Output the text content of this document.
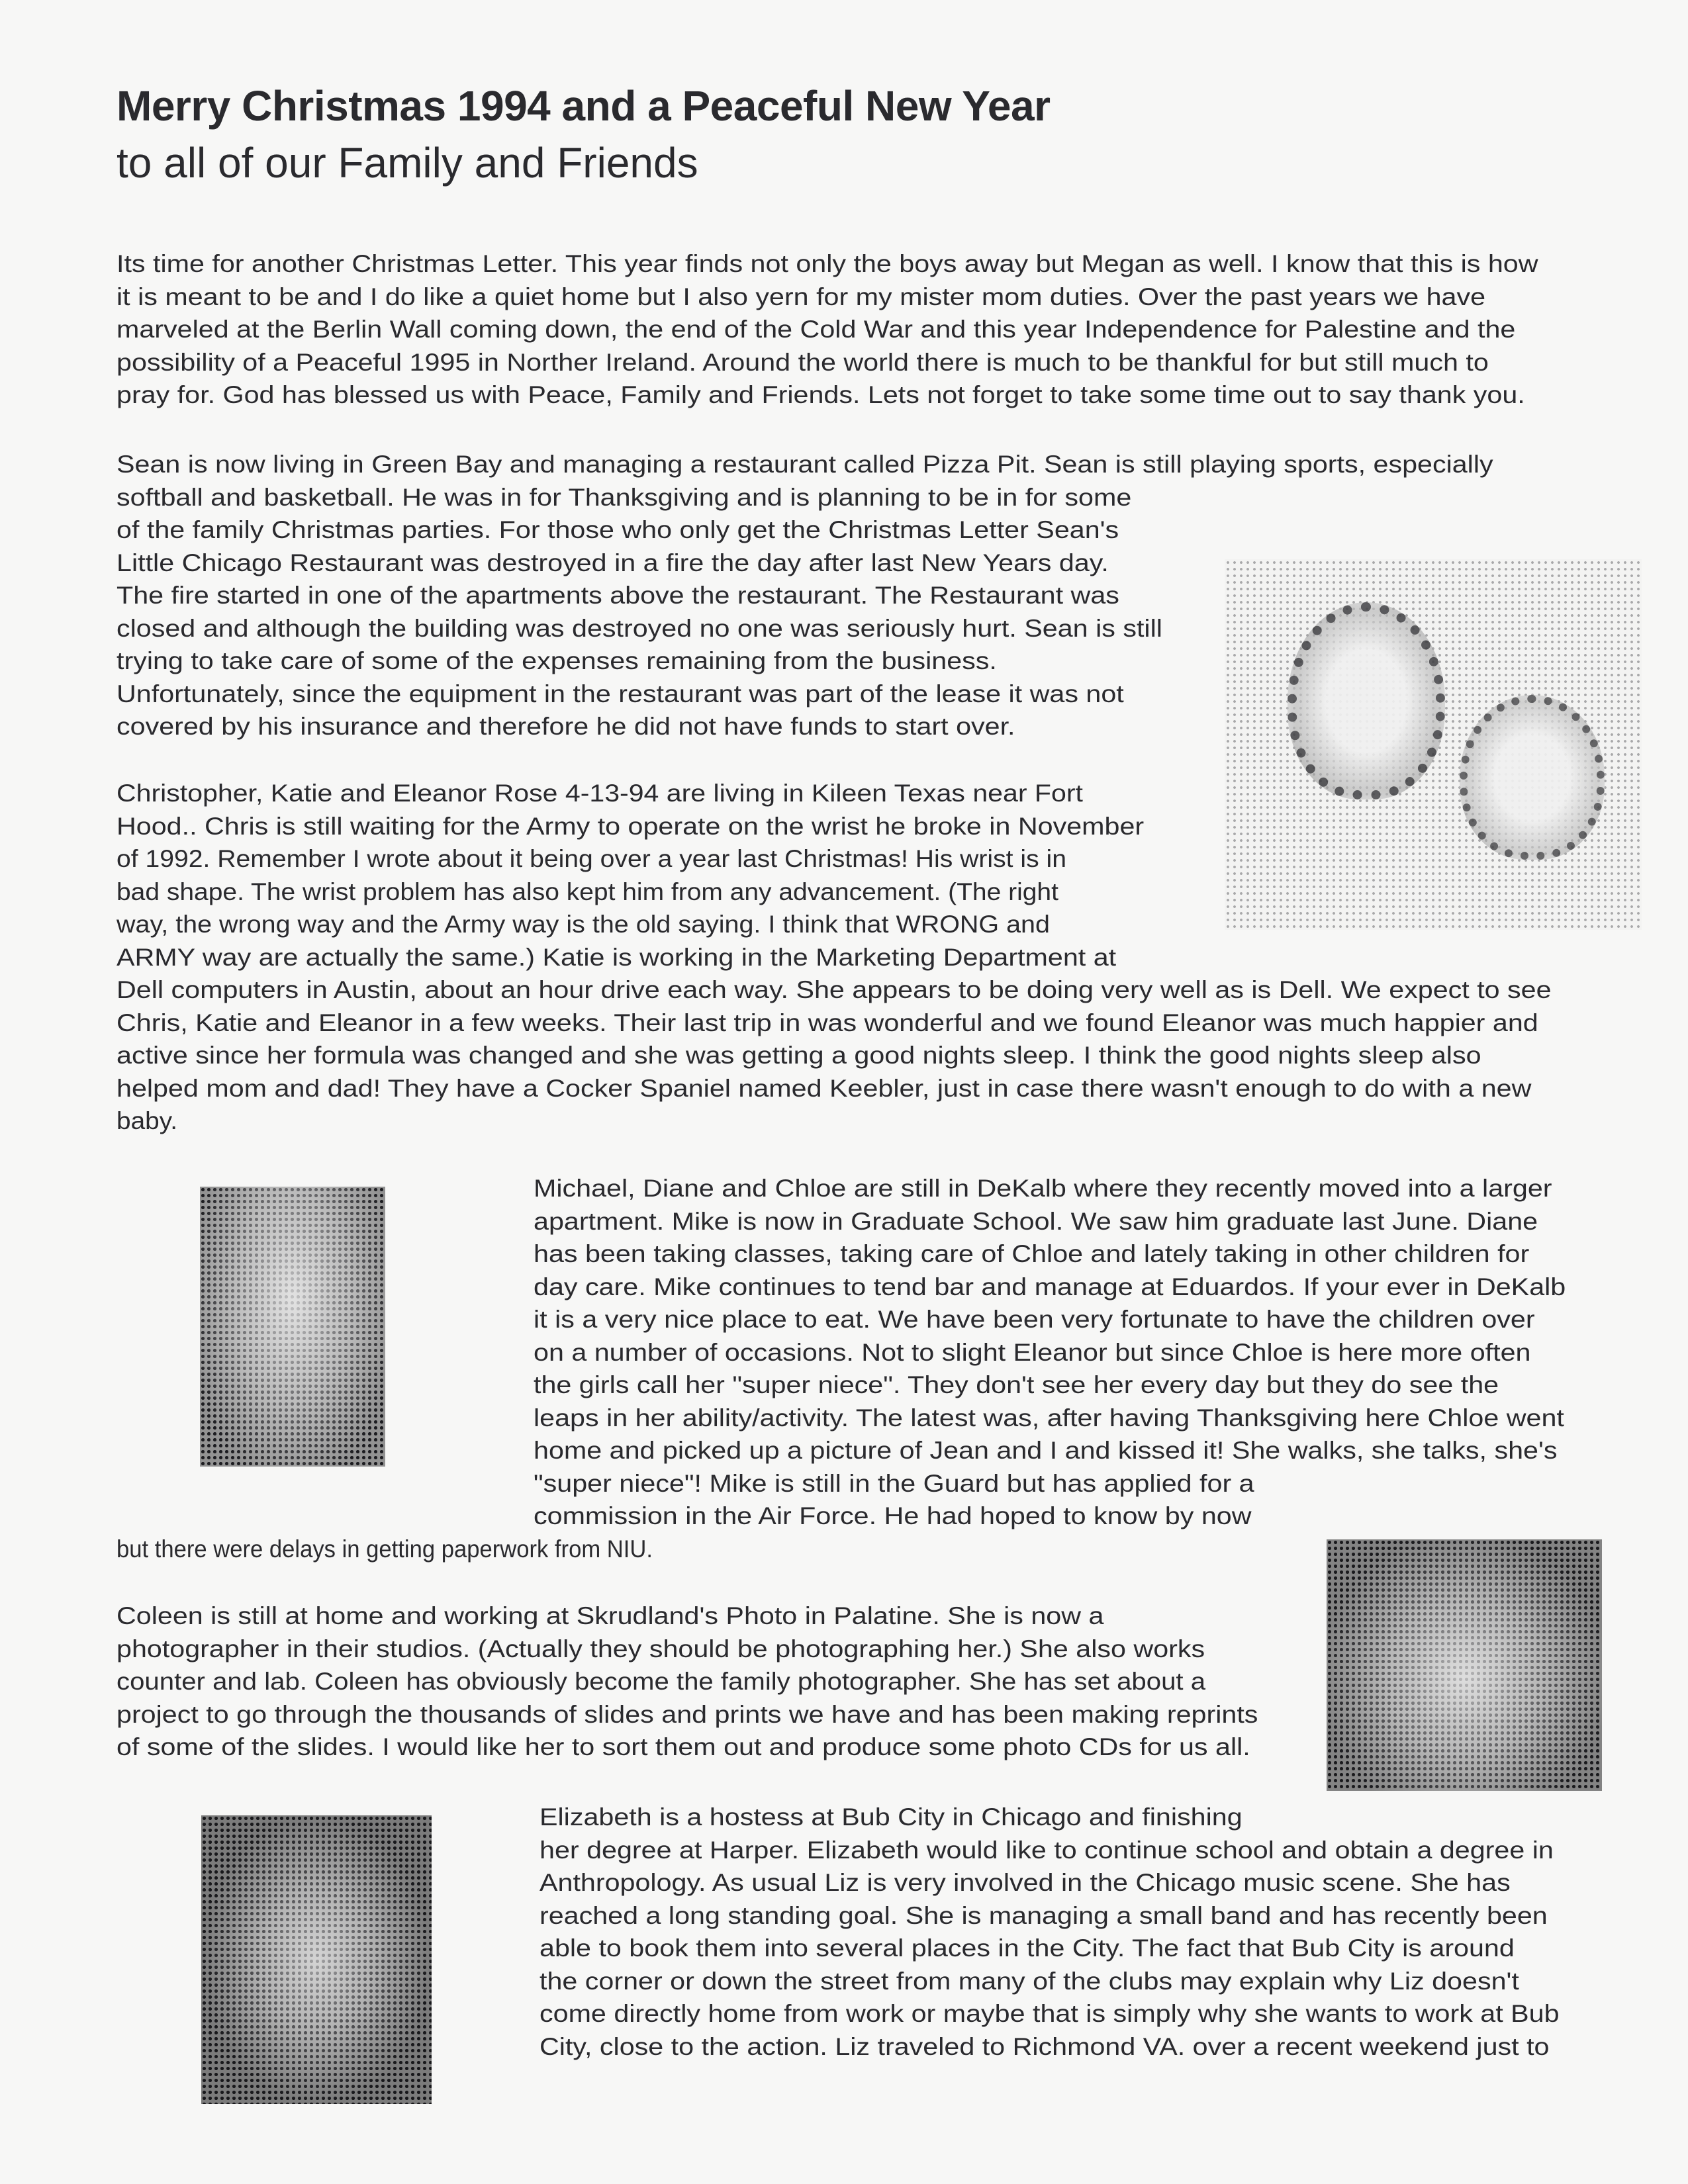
Merry Christmas 1994 and a Peaceful New Year
to all of our Family and Friends

Its time for another Christmas Letter. This year finds not only the boys away but Megan as well. I know that this is how

it is meant to be and I do like a quiet home but I also yern for my mister mom duties. Over the past years we have

marveled at the Berlin Wall coming down, the end of the Cold War and this year Independence for Palestine and the

possibility of a Peaceful 1995 in Norther Ireland. Around the world there is much to be thankful for but still much to

pray for. God has blessed us with Peace, Family and Friends. Lets not forget to take some time out to say thank you.

Sean is now living in Green Bay and managing a restaurant called Pizza Pit. Sean is still playing sports, especially

softball and basketball. He was in for Thanksgiving and is planning to be in for some

of the family Christmas parties. For those who only get the Christmas Letter Sean's

Little Chicago Restaurant was destroyed in a fire the day after last New Years day.

The fire started in one of the apartments above the restaurant. The Restaurant was

closed and although the building was destroyed no one was seriously hurt. Sean is still

trying to take care of some of the expenses remaining from the business.

Unfortunately, since the equipment in the restaurant was part of the lease it was not

covered by his insurance and therefore he did not have funds to start over.

Christopher, Katie and Eleanor Rose 4-13-94 are living in Kileen Texas near Fort

Hood.. Chris is still waiting for the Army to operate on the wrist he broke in November

of 1992. Remember I wrote about it being over a year last Christmas! His wrist is in

bad shape. The wrist problem has also kept him from any advancement. (The right

way, the wrong way and the Army way is the old saying. I think that WRONG and

ARMY way are actually the same.) Katie is working in the Marketing Department at

Dell computers in Austin, about an hour drive each way. She appears to be doing very well as is Dell. We expect to see

Chris, Katie and Eleanor in a few weeks. Their last trip in was wonderful and we found Eleanor was much happier and

active since her formula was changed and she was getting a good nights sleep. I think the good nights sleep also

helped mom and dad! They have a Cocker Spaniel named Keebler, just in case there wasn't enough to do with a new

baby.

Michael, Diane and Chloe are still in DeKalb where they recently moved into a larger

apartment. Mike is now in Graduate School. We saw him graduate last June. Diane

has been taking classes, taking care of Chloe and lately taking in other children for

day care. Mike continues to tend bar and manage at Eduardos. If your ever in DeKalb

it is a very nice place to eat. We have been very fortunate to have the children over

on a number of occasions. Not to slight Eleanor but since Chloe is here more often

the girls call her "super niece". They don't see her every day but they do see the

leaps in her ability/activity. The latest was, after having Thanksgiving here Chloe went

home and picked up a picture of Jean and I and kissed it! She walks, she talks, she's

"super niece"! Mike is still in the Guard but has applied for a

commission in the Air Force. He had hoped to know by now

but there were delays in getting paperwork from NIU.

Coleen is still at home and working at Skrudland's Photo in Palatine. She is now a

photographer in their studios. (Actually they should be photographing her.) She also works

counter and lab. Coleen has obviously become the family photographer. She has set about a

project to go through the thousands of slides and prints we have and has been making reprints

of some of the slides. I would like her to sort them out and produce some photo CDs for us all.

Elizabeth is a hostess at Bub City in Chicago and finishing

her degree at Harper. Elizabeth would like to continue school and obtain a degree in

Anthropology. As usual Liz is very involved in the Chicago music scene. She has

reached a long standing goal. She is managing a small band and has recently been

able to book them into several places in the City. The fact that Bub City is around

the corner or down the street from many of the clubs may explain why Liz doesn't

come directly home from work or maybe that is simply why she wants to work at Bub

City, close to the action. Liz traveled to Richmond VA. over a recent weekend just to
